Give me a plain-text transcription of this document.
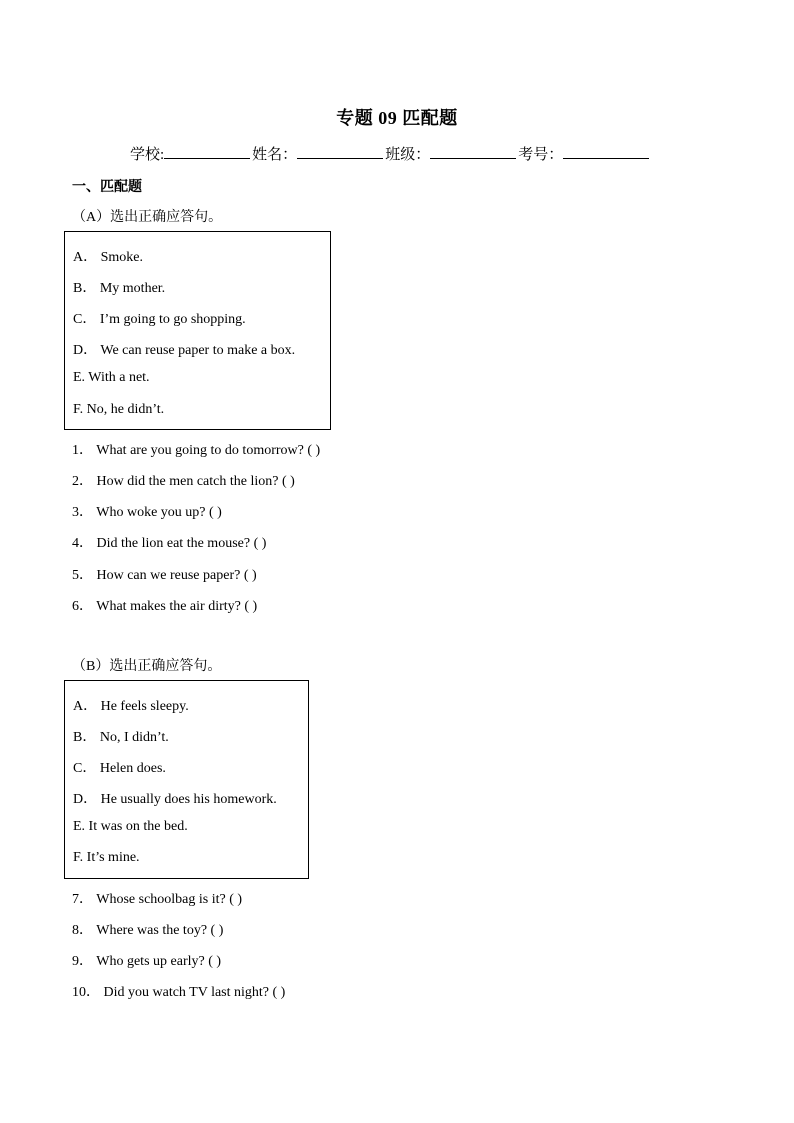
专题 09 匹配题
学校:	姓名：	班级：	考号：
一、匹配题
（A）选出正确应答句。
A． Smoke.
B． My mother.
C． I’m going to go shopping.
D． We can reuse paper to make a box.
E. With a net.
F. No, he didn’t.
1． What are you going to do tomorrow? ( )
2． How did the men catch the lion? ( )
3． Who woke you up? ( )
4． Did the lion eat the mouse? ( )
5． How can we reuse paper? ( )
6． What makes the air dirty? ( )
（B）选出正确应答句。
A． He feels sleepy.
B． No, I didn’t.
C． Helen does.
D． He usually does his homework.
E. It was on the bed.
F. It’s mine.
7． Whose schoolbag is it? ( )
8． Where was the toy? ( )
9． Who gets up early? ( )
10． Did you watch TV last night? ( )
